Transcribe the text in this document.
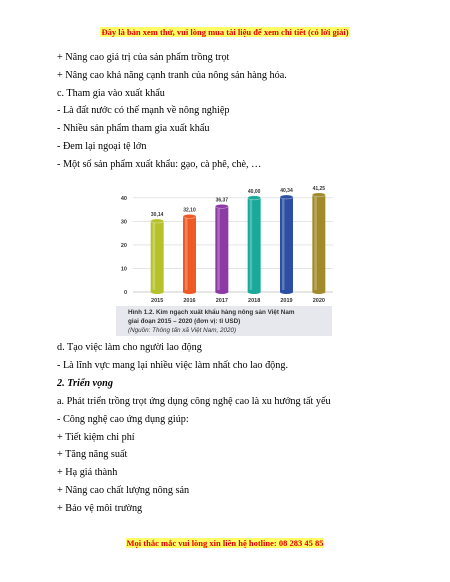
Đây là bản xem thử, vui lòng mua tài liệu để xem chi tiết (có lời giải)
+ Nâng cao giá trị của sản phẩm trồng trọt
+ Nâng cao khả năng cạnh tranh của nông sản hàng hóa.
c. Tham gia vào xuất khẩu
- Là đất nước có thế mạnh về nông nghiệp
- Nhiều sản phẩm tham gia xuất khẩu
- Đem lại ngoại tệ lớn
- Một số sản phẩm xuất khẩu: gạo, cà phê, chè, …
0
10
20
30
40
30,14
2015
32,10
2016
36,37
2017
40,00
2018
40,34
2019
41,25
2020
Hình 1.2. Kim ngạch xuất khẩu hàng nông sản Việt Nam
giai đoạn 2015 – 2020 (đơn vị: tỉ USD)
(Nguồn: Thông tấn xã Việt Nam, 2020)
d. Tạo việc làm cho người lao động
- Là lĩnh vực mang lại nhiều việc làm nhất cho lao động.
2. Triển vọng
a. Phát triển trồng trọt ứng dụng công nghệ cao là xu hướng tất yếu
- Công nghệ cao ứng dụng giúp:
+ Tiết kiệm chi phí
+ Tăng năng suất
+ Hạ giá thành
+ Nâng cao chất lượng nông sản
+ Bảo vệ môi trường
Mọi thắc mắc vui lòng xin liên hệ hotline: 08 283 45 85
